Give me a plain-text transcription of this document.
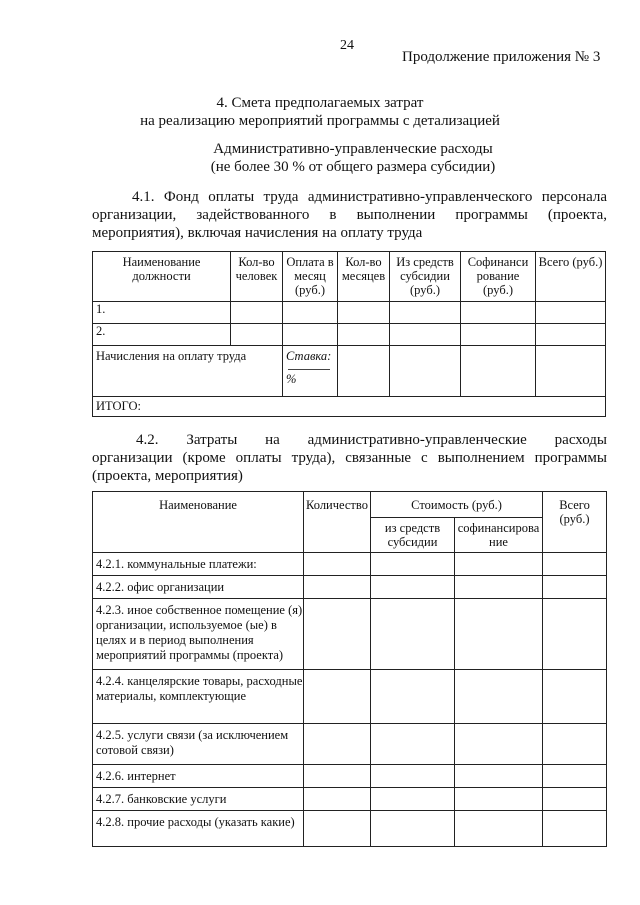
24
Продолжение приложения № 3
4. Смета предполагаемых затрат
на реализацию мероприятий программы с детализацией
Административно-управленческие расходы
(не более 30 % от общего размера субсидии)
4.1. Фонд оплаты труда административно-управленческого персонала
организации, задействованного в выполнении программы (проекта,
мероприятия), включая начисления на оплату труда
Наименование должности	Кол-во человек	Оплата в месяц (руб.)	Кол-во месяцев	Из средств субсидии (руб.)	Софинанси рование (руб.)	Всего (руб.)
1.						
2.						
Начисления на оплату труда		Ставка:
%				
ИТОГО:						
4.2. Затраты на административно-управленческие расходы
организации (кроме оплаты труда), связанные с выполнением программы
(проекта, мероприятия)
Наименование	Количество	Стоимость (руб.)		Всего (руб.)
		из средств субсидии	софинансирова ние	
4.2.1. коммунальные платежи:				
4.2.2. офис организации				
4.2.3. иное собственное помещение (я) организации, используемое (ые) в целях и в период выполнения мероприятий программы (проекта)				
4.2.4. канцелярские товары, расходные материалы, комплектующие				
4.2.5. услуги связи (за исключением сотовой связи)				
4.2.6. интернет				
4.2.7. банковские услуги				
4.2.8. прочие расходы (указать какие)				
